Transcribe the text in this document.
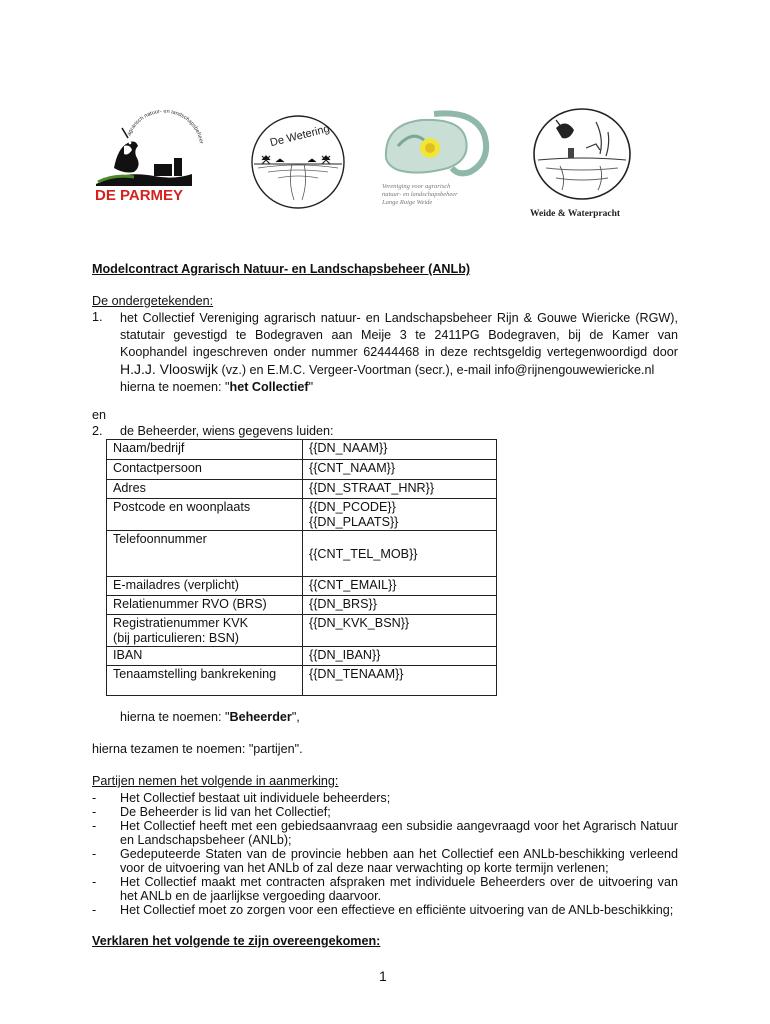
agrarisch natuur- en landschapsbeheer
DE PARMEY
De Wetering
Vereniging voor agrarisch
natuur- en landschapsbeheer
Lange Ruige Weide
Weide & Waterpracht
Modelcontract Agrarisch Natuur- en Landschapsbeheer (ANLb)
De ondergetekenden:
1. het Collectief Vereniging agrarisch natuur- en Landschapsbeheer Rijn & Gouwe Wiericke (RGW),
statutair gevestigd te Bodegraven aan Meije 3 te 2411PG Bodegraven, bij de Kamer van
Koophandel ingeschreven onder nummer 62444468 in deze rechtsgeldig vertegenwoordigd door
H.J.J. Vlooswijk (vz.) en E.M.C. Vergeer-Voortman (secr.), e-mail info@rijnengouwewiericke.nl
hierna te noemen: "het Collectief"
en
2. de Beheerder, wiens gegevens luiden:
Naam/bedrijf	{{DN_NAAM}}
Contactpersoon	{{CNT_NAAM}}
Adres	{{DN_STRAAT_HNR}}
Postcode en woonplaats	{{DN_PCODE}}
{{DN_PLAATS}}

Telefoonnummer	{{CNT_TEL_MOB}}

E-mailadres (verplicht)	{{CNT_EMAIL}}
Relatienummer RVO (BRS)	{{DN_BRS}}

Registratienummer KVK
(bij particulieren: BSN)	{{DN_KVK_BSN}}
IBAN	{{DN_IBAN}}
Tenaamstelling bankrekening	{{DN_TENAAM}}
hierna te noemen: "Beheerder",
hierna tezamen te noemen: "partijen".
Partijen nemen het volgende in aanmerking:
- Het Collectief bestaat uit individuele beheerders;
- De Beheerder is lid van het Collectief;
- Het Collectief heeft met een gebiedsaanvraag een subsidie aangevraagd voor het Agrarisch Natuur
en Landschapsbeheer (ANLb);
- Gedeputeerde Staten van de provincie hebben aan het Collectief een ANLb-beschikking verleend
voor de uitvoering van het ANLb of zal deze naar verwachting op korte termijn verlenen;
- Het Collectief maakt met contracten afspraken met individuele Beheerders over de uitvoering van
het ANLb en de jaarlijkse vergoeding daarvoor.
- Het Collectief moet zo zorgen voor een effectieve en efficiënte uitvoering van de ANLb-beschikking;
Verklaren het volgende te zijn overeengekomen:
1
